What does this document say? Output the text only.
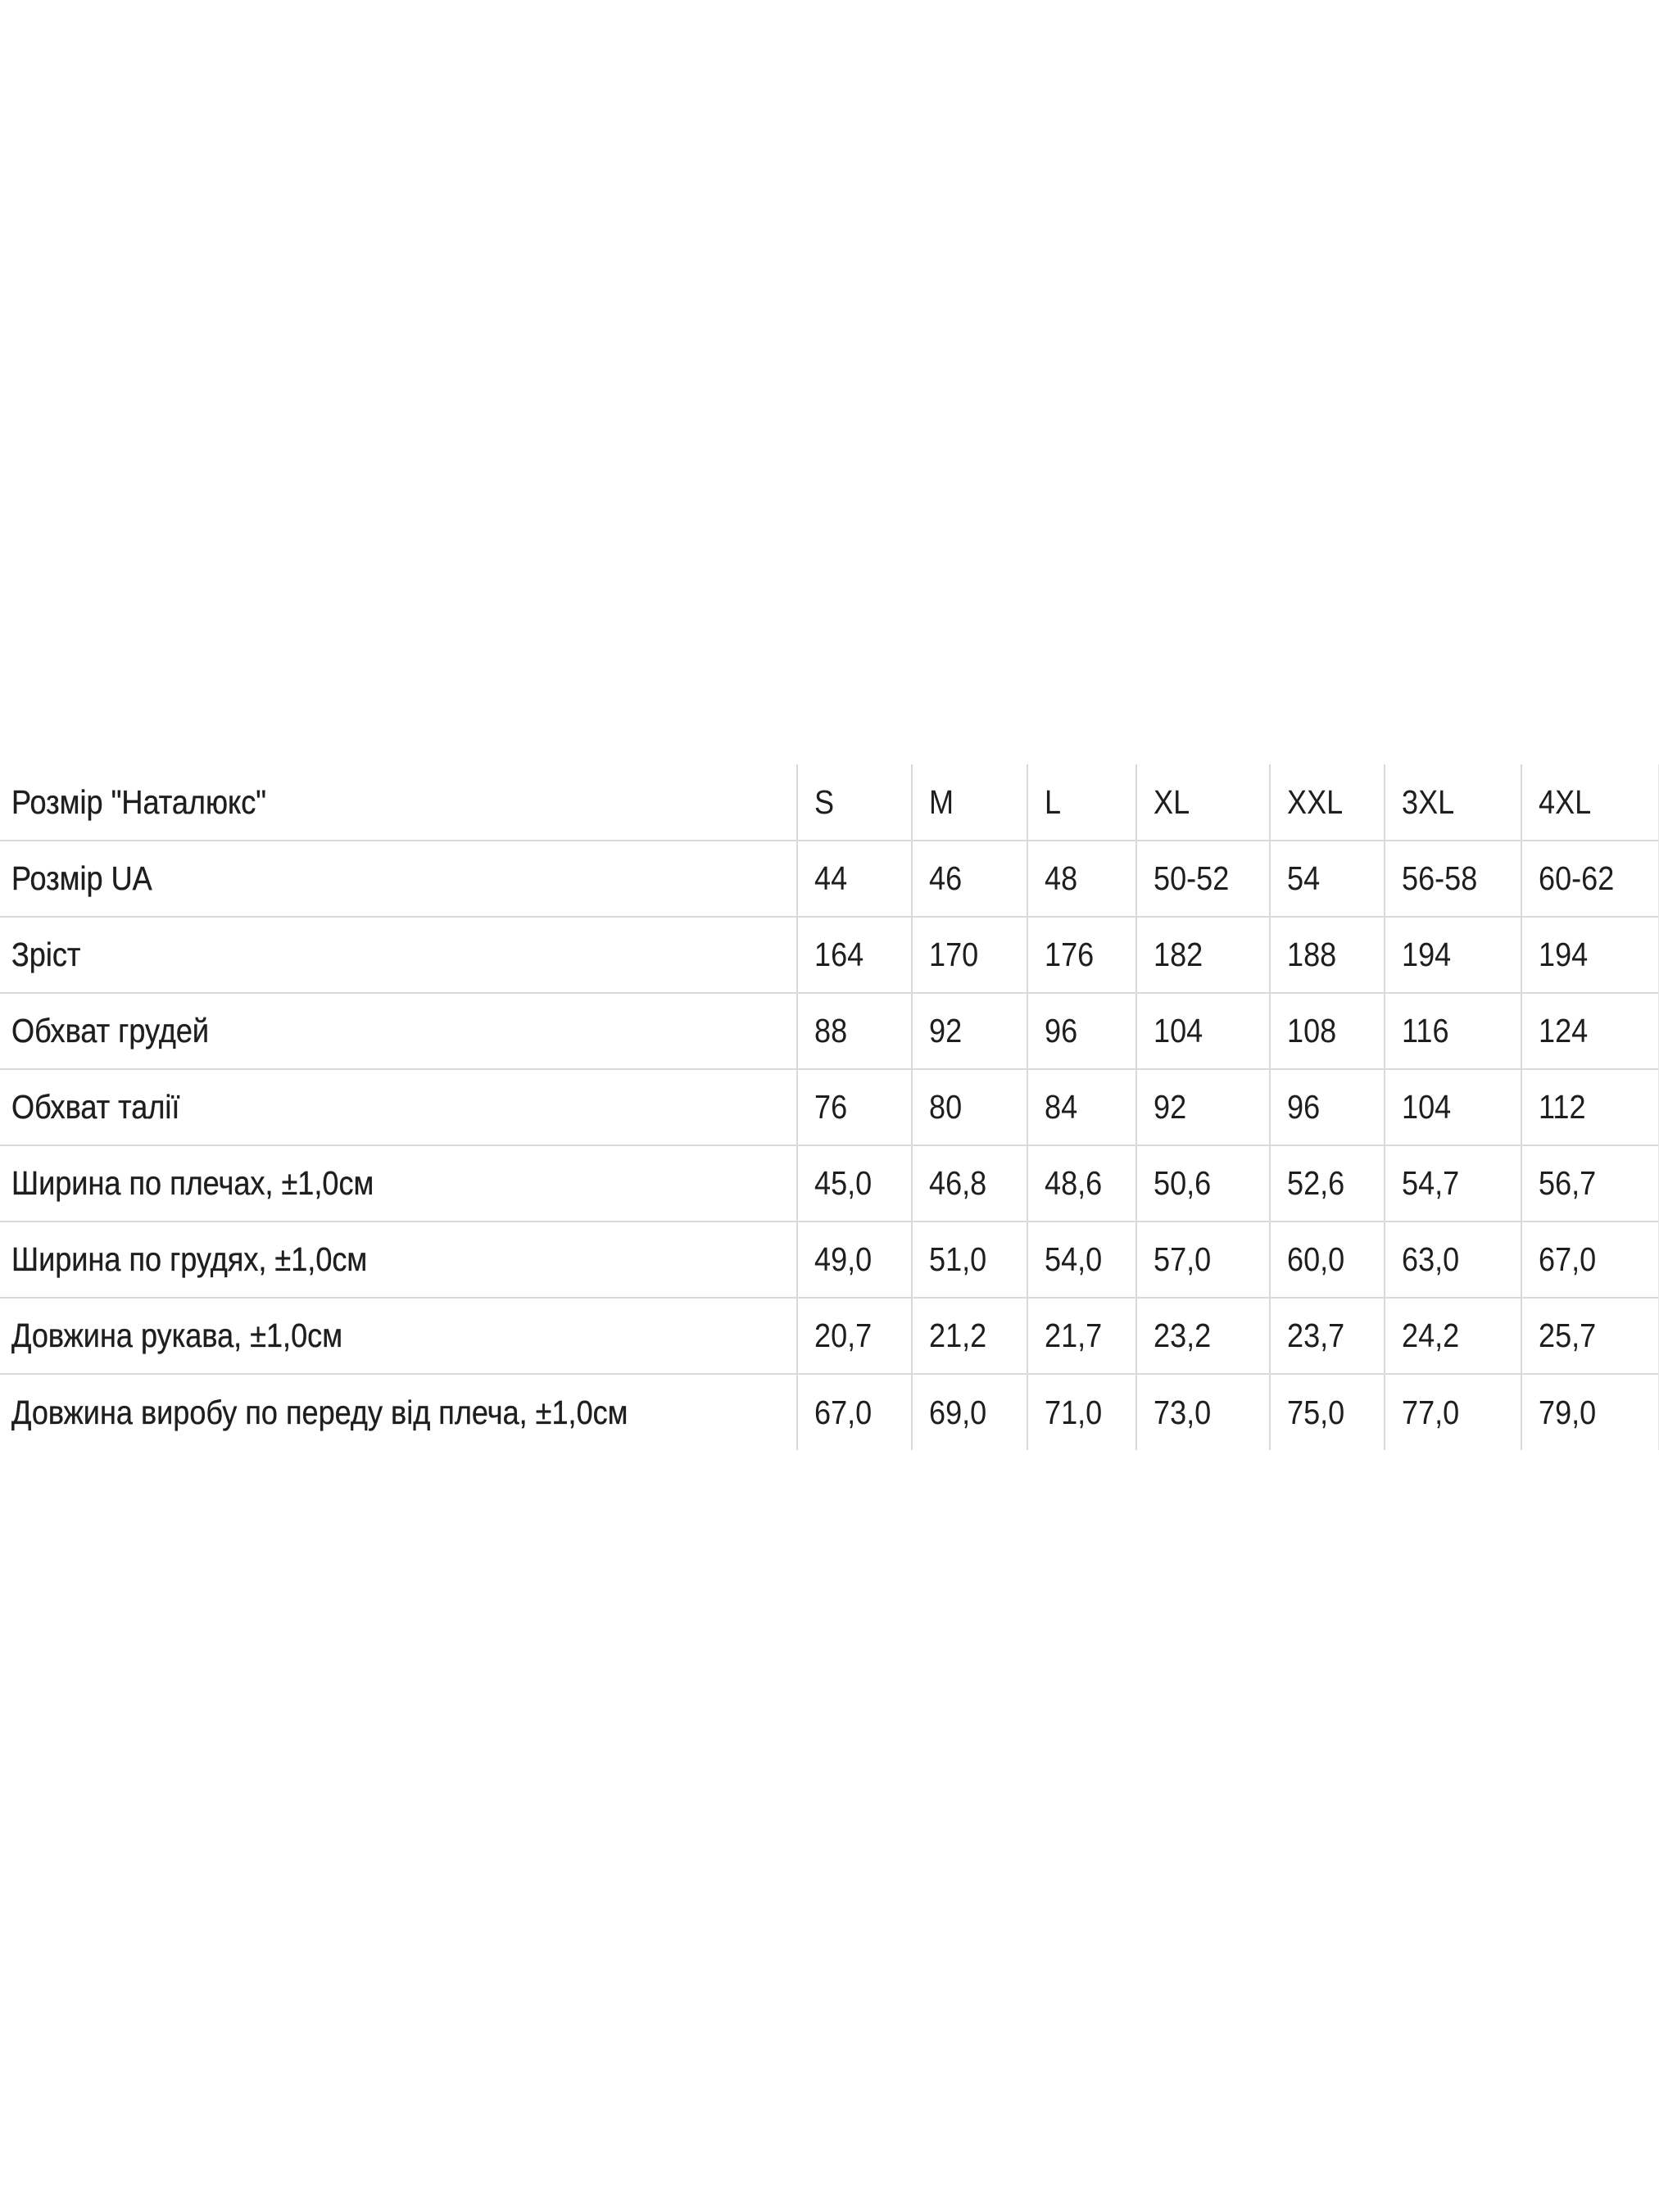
Розмір "Наталюкс"	S	M	L	XL	XXL	3XL	4XL
Розмір UA	44	46	48	50-52	54	56-58	60-62
Зріст	164	170	176	182	188	194	194
Обхват грудей	88	92	96	104	108	116	124
Обхват талії	76	80	84	92	96	104	112
Ширина по плечах, ±1,0см	45,0	46,8	48,6	50,6	52,6	54,7	56,7
Ширина по грудях, ±1,0см	49,0	51,0	54,0	57,0	60,0	63,0	67,0
Довжина рукава, ±1,0см	20,7	21,2	21,7	23,2	23,7	24,2	25,7
Довжина виробу по переду від плеча, ±1,0см	67,0	69,0	71,0	73,0	75,0	77,0	79,0
